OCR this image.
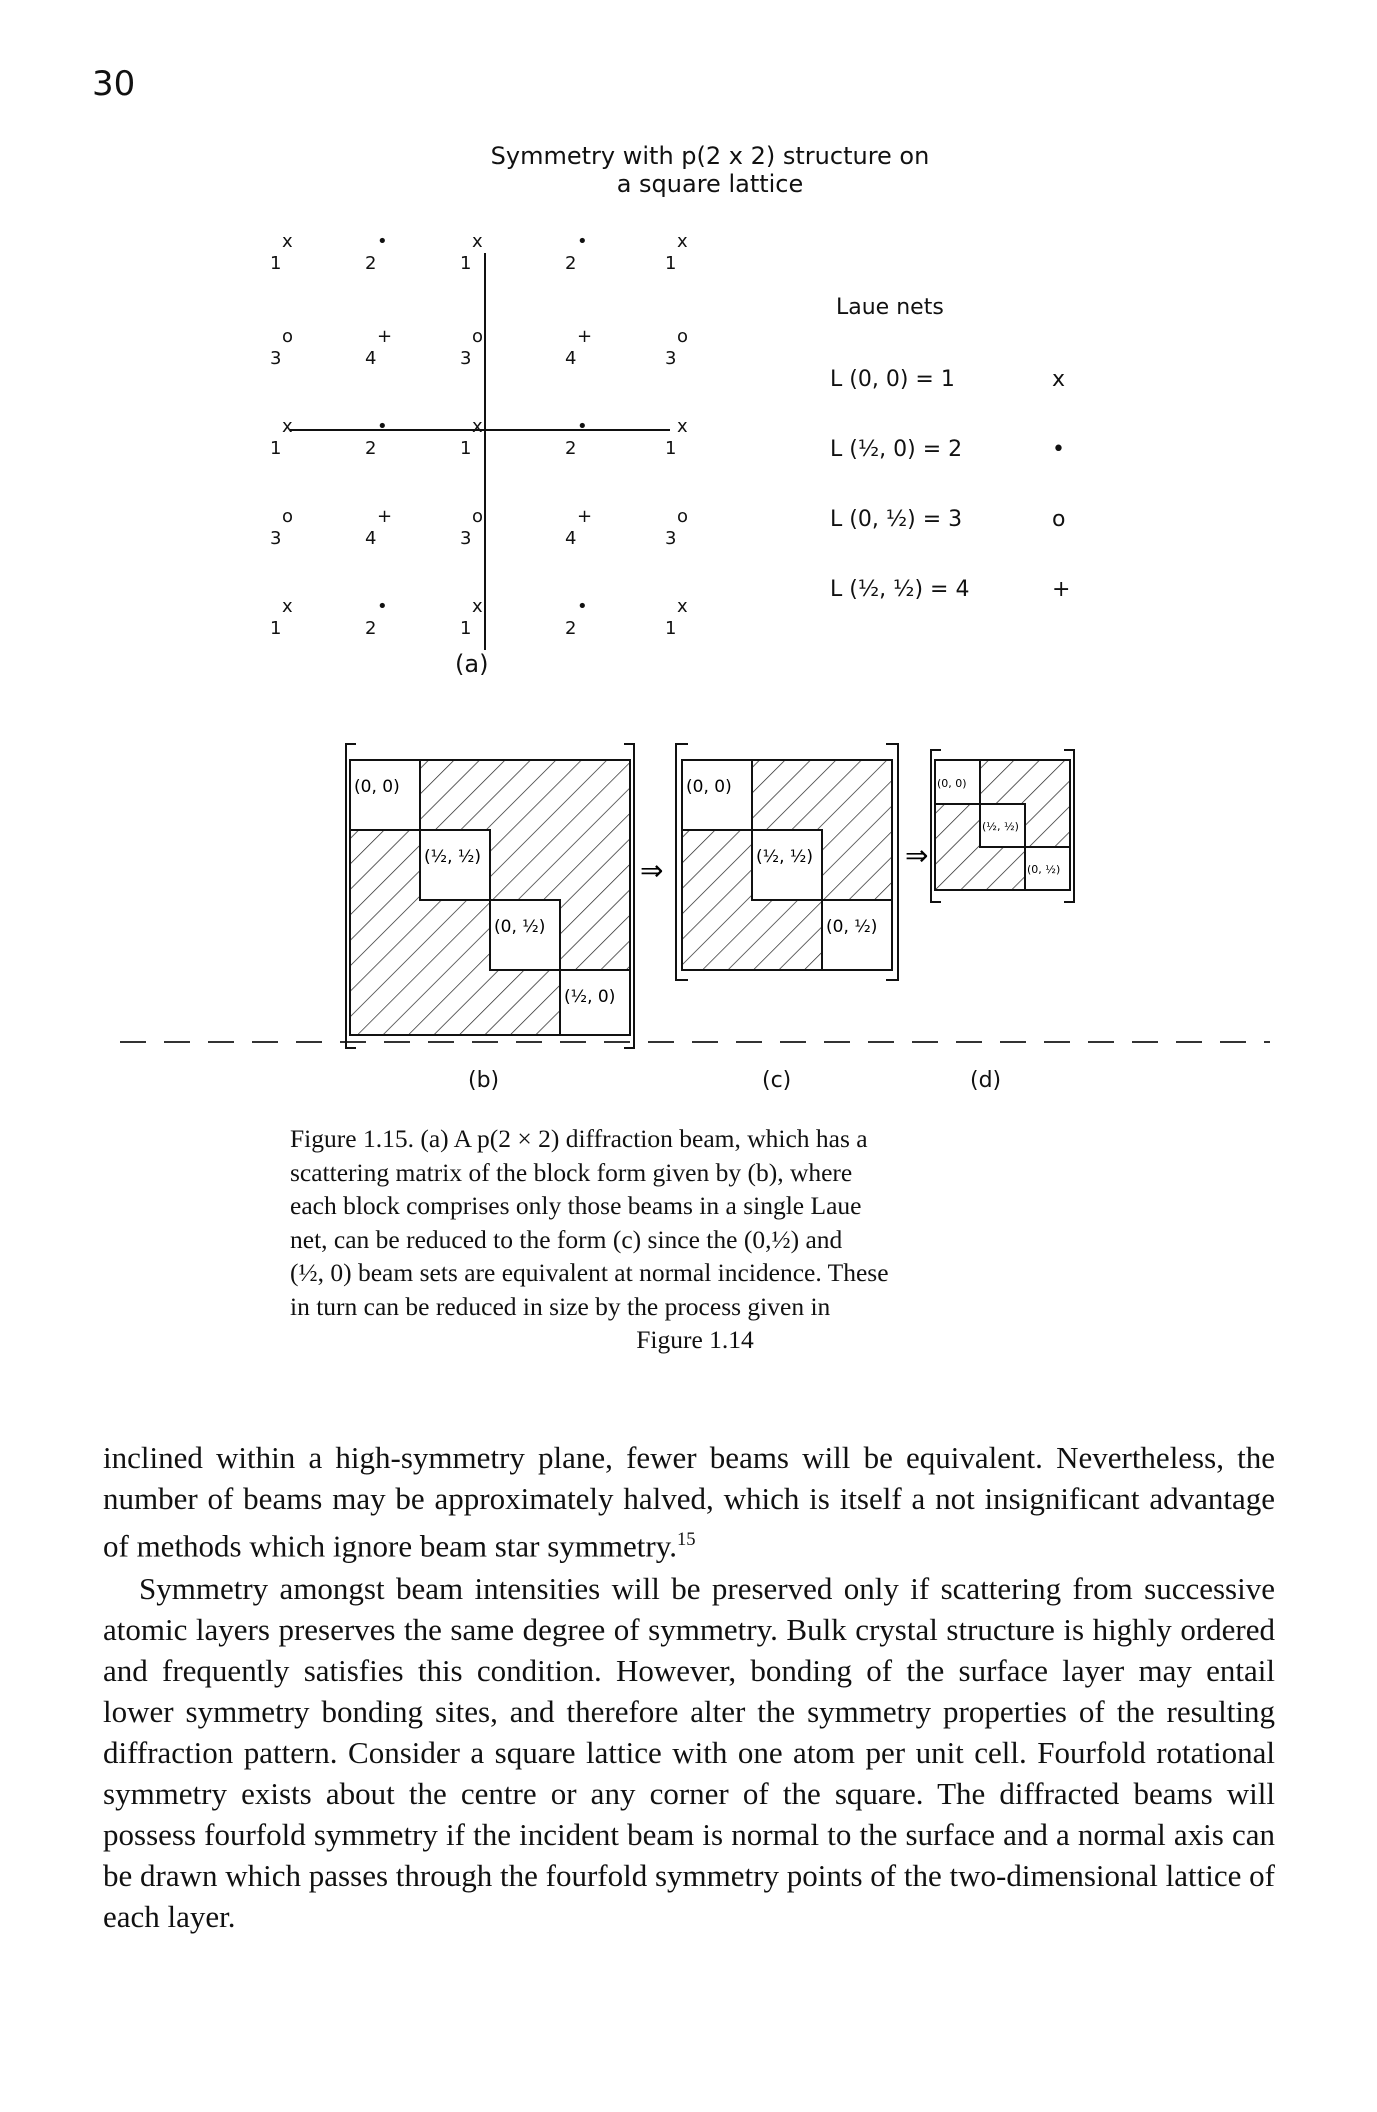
30
Symmetry with p(2 x 2) structure on
a square lattice
x
1
•
2
x
1
•
2
x
1
o
3
+
4
o
3
+
4
o
3
x
1
•
2
x
1
•
2
x
1
o
3
+
4
o
3
+
4
o
3
x
1
•
2
x
1
•
2
x
1
Laue nets
L (0, 0) = 1	x
L (½, 0) = 2	•
L (0, ½) = 3	o
L (½, ½) = 4	+
(a)
(0, 0)
(½, ½)
(0, ½)
(½, 0)
⇒
(0, 0)
(½, ½)
(0, ½)
⇒
(0, 0)
(½, ½)
(0, ½)
(b)	(c)	(d)
Figure 1.15. (a) A p(2 × 2) diffraction beam, which has a
scattering matrix of the block form given by (b), where
each block comprises only those beams in a single Laue
net, can be reduced to the form (c) since the (0,½) and
(½, 0) beam sets are equivalent at normal incidence. These
in turn can be reduced in size by the process given in
Figure 1.14

inclined within a high-symmetry plane, fewer beams will be equivalent. Nevertheless, the number of beams may be approximately halved, which is itself a not insignificant advantage of methods which ignore beam star symmetry.$^{15}$

Symmetry amongst beam intensities will be preserved only if scattering from successive atomic layers preserves the same degree of symmetry. Bulk crystal structure is highly ordered and frequently satisfies this condition. However, bonding of the surface layer may entail lower symmetry bonding sites, and therefore alter the symmetry properties of the resulting diffraction pattern. Consider a square lattice with one atom per unit cell. Fourfold rotational symmetry exists about the centre or any corner of the square. The diffracted beams will possess fourfold symmetry if the incident beam is normal to the surface and a normal axis can be drawn which passes through the fourfold symmetry points of the two-dimensional lattice of each layer.
